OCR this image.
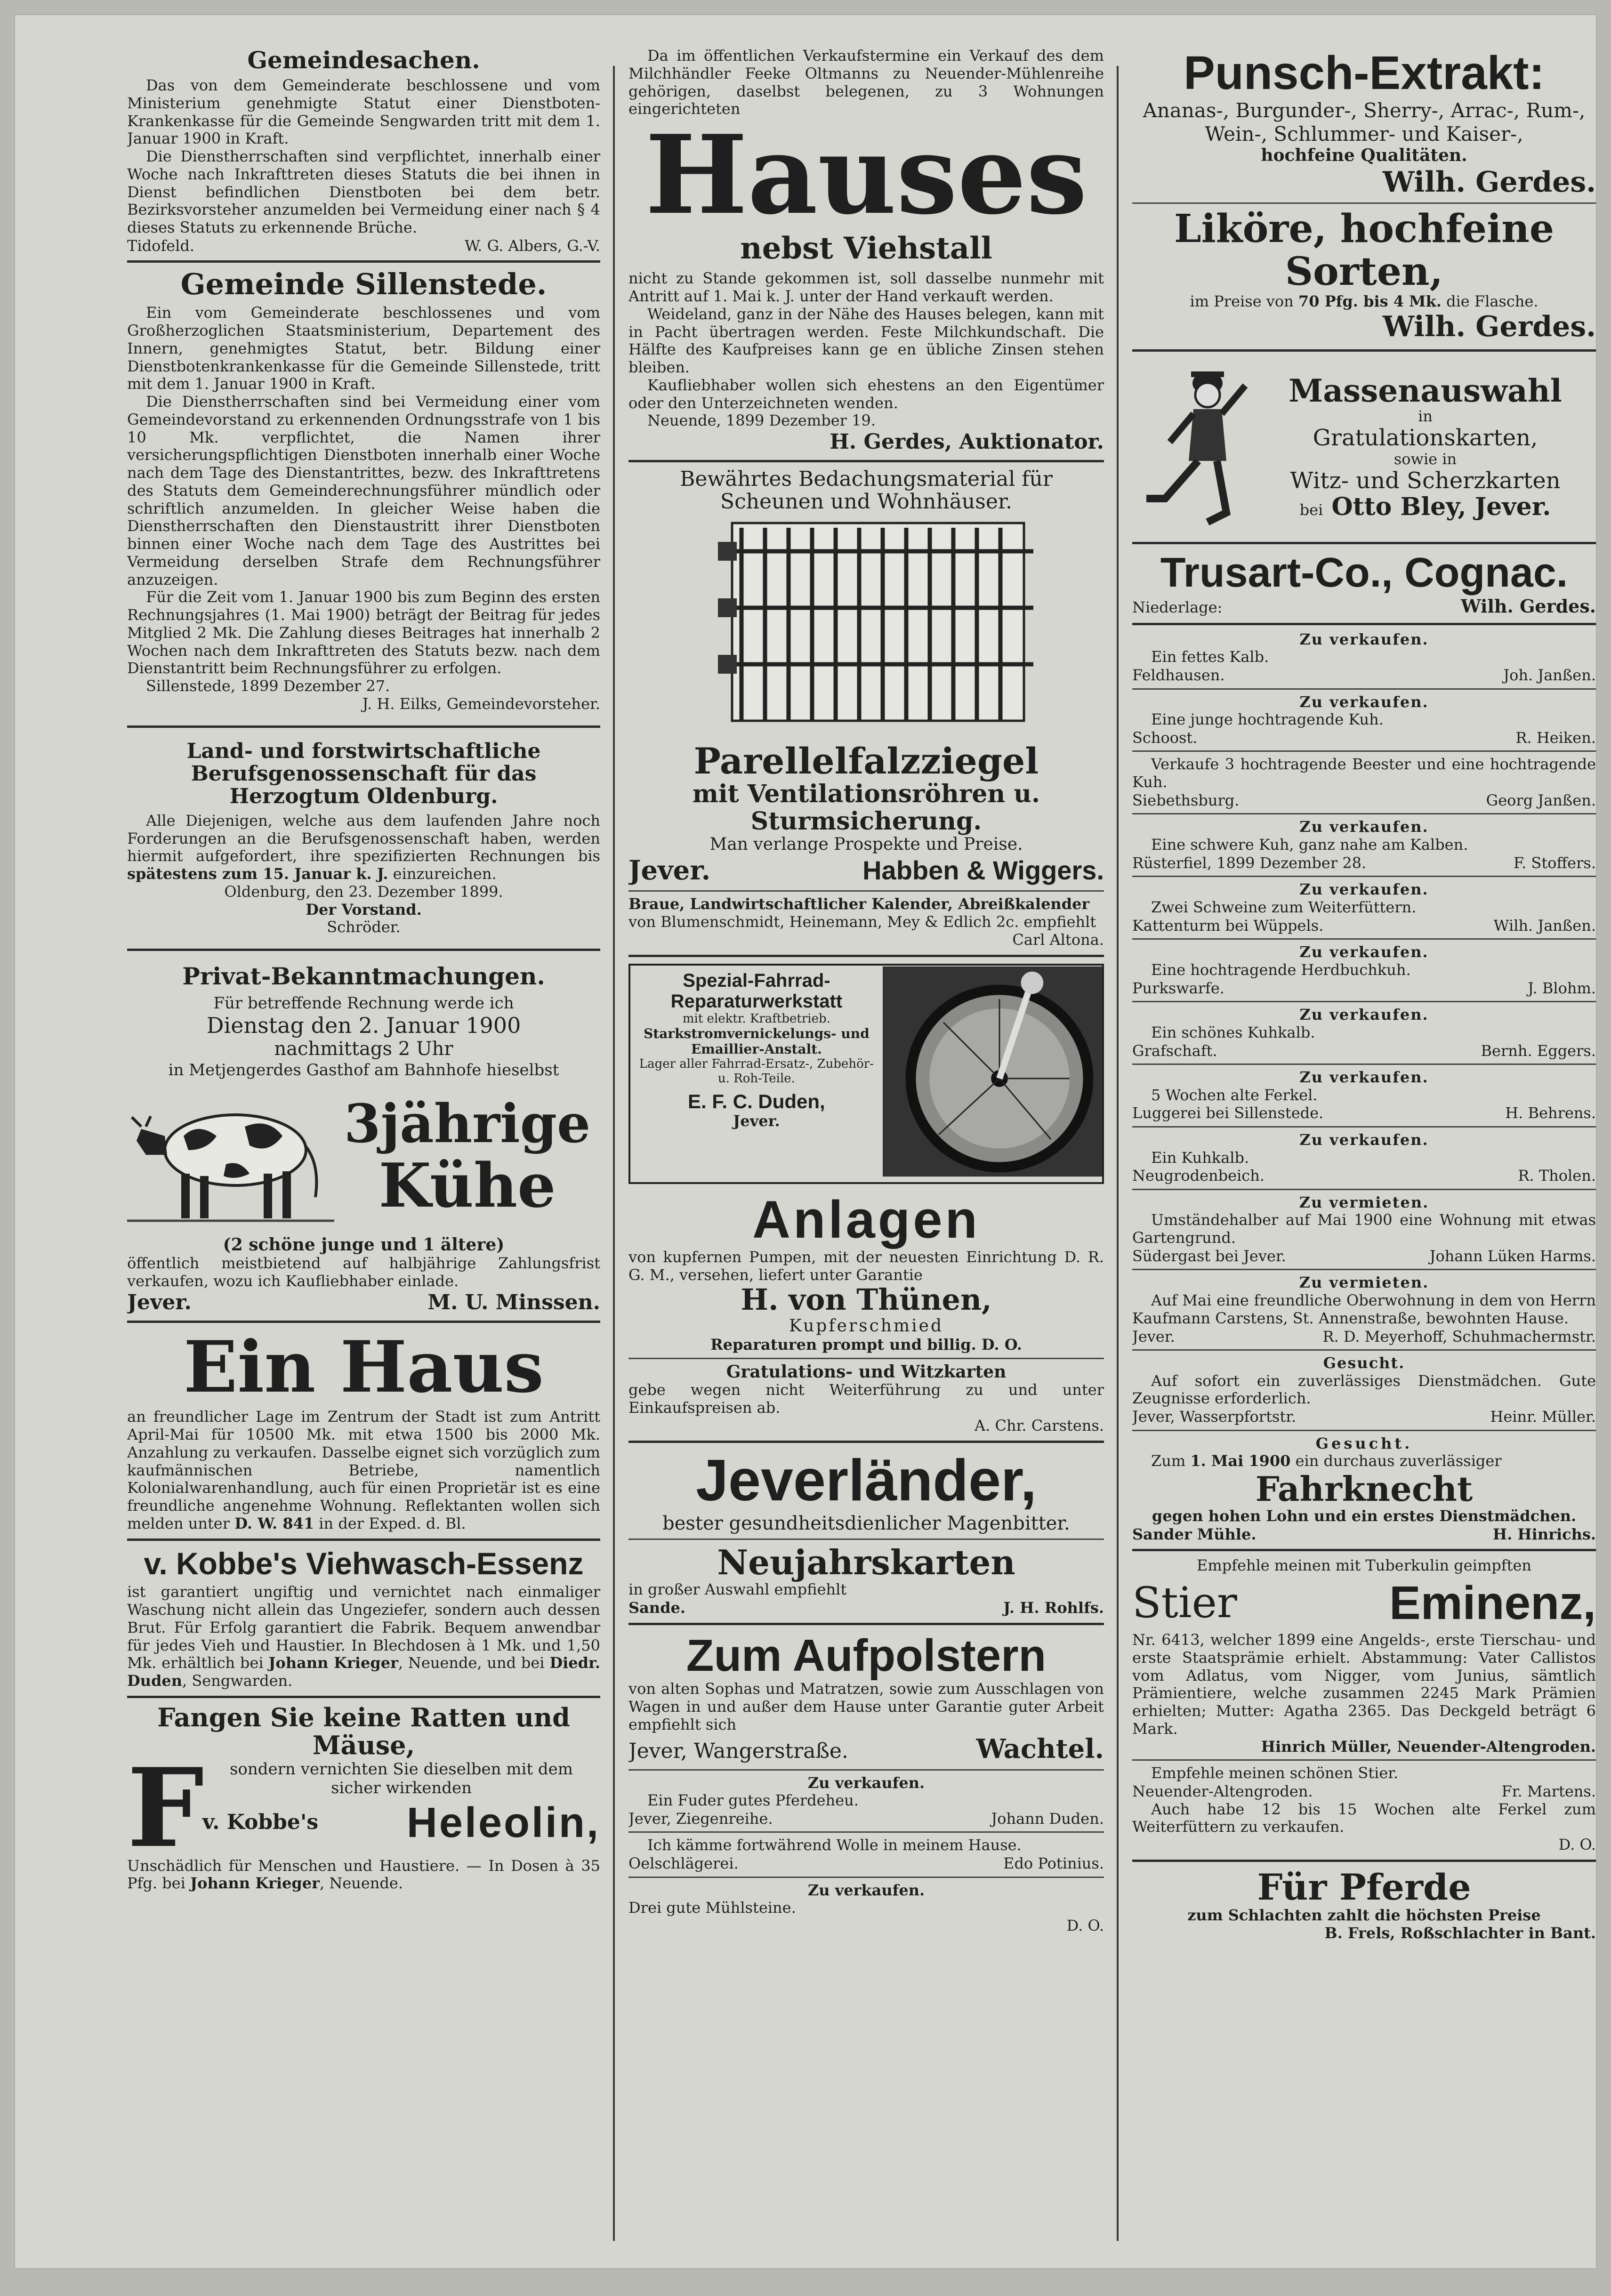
Gemeindesachen.

Das von dem Gemeinderate beschlossene und vom Ministerium genehmigte Statut einer Dienstboten-Krankenkasse für die Gemeinde Sengwarden tritt mit dem 1. Januar 1900 in Kraft.

Die Dienstherrschaften sind verpflichtet, innerhalb einer Woche nach Inkrafttreten dieses Statuts die bei ihnen in Dienst befindlichen Dienstboten bei dem betr. Bezirksvorsteher anzumelden bei Vermeidung einer nach § 4 dieses Statuts zu erkennende Brüche.

Tidofeld.	W. G. Albers, G.-V.

Gemeinde Sillenstede.

Ein vom Gemeinderate beschlossenes und vom Großherzoglichen Staatsministerium, Departement des Innern, genehmigtes Statut, betr. Bildung einer Dienstbotenkrankenkasse für die Gemeinde Sillenstede, tritt mit dem 1. Januar 1900 in Kraft.

Die Dienstherrschaften sind bei Vermeidung einer vom Gemeindevorstand zu erkennenden Ordnungsstrafe von 1 bis 10 Mk. verpflichtet, die Namen ihrer versicherungspflichtigen Dienstboten innerhalb einer Woche nach dem Tage des Dienstantrittes, bezw. des Inkrafttretens des Statuts dem Gemeinderechnungsführer mündlich oder schriftlich anzumelden. In gleicher Weise haben die Dienstherrschaften den Dienstaustritt ihrer Dienstboten binnen einer Woche nach dem Tage des Austrittes bei Vermeidung derselben Strafe dem Rechnungsführer anzuzeigen.

Für die Zeit vom 1. Januar 1900 bis zum Beginn des ersten Rechnungsjahres (1. Mai 1900) beträgt der Beitrag für jedes Mitglied 2 Mk. Die Zahlung dieses Beitrages hat innerhalb 2 Wochen nach dem Inkrafttreten des Statuts bezw. nach dem Dienstantritt beim Rechnungsführer zu erfolgen.

Sillenstede, 1899 Dezember 27.

J. H. Eilks, Gemeindevorsteher.

Land- und forstwirtschaftliche Berufsgenossenschaft für das Herzogtum Oldenburg.

Alle Diejenigen, welche aus dem laufenden Jahre noch Forderungen an die Berufsgenossenschaft haben, werden hiermit aufgefordert, ihre spezifizierten Rechnungen bis spätestens zum 15. Januar k. J. einzureichen.

Oldenburg, den 23. Dezember 1899.

Der Vorstand.

Schröder.

Privat-Bekanntmachungen.

Für betreffende Rechnung werde ich

Dienstag den 2. Januar 1900

nachmittags 2 Uhr

in Metjengerdes Gasthof am Bahnhofe hieselbst

3jährige

Kühe

(2 schöne junge und 1 ältere)

öffentlich meistbietend auf halbjährige Zahlungsfrist verkaufen, wozu ich Kaufliebhaber einlade.

Jever.	M. U. Minssen.

Ein Haus

an freundlicher Lage im Zentrum der Stadt ist zum Antritt April-Mai für 10500 Mk. mit etwa 1500 bis 2000 Mk. Anzahlung zu verkaufen. Dasselbe eignet sich vorzüglich zum kaufmännischen Betriebe, namentlich Kolonialwarenhandlung, auch für einen Proprietär ist es eine freundliche angenehme Wohnung. Reflektanten wollen sich melden unter D. W. 841 in der Exped. d. Bl.

v. Kobbe's Viehwasch-Essenz

ist garantiert ungiftig und vernichtet nach einmaliger Waschung nicht allein das Ungeziefer, sondern auch dessen Brut. Für Erfolg garantiert die Fabrik. Bequem anwendbar für jedes Vieh und Haustier. In Blechdosen à 1 Mk. und 1,50 Mk. erhältlich bei Johann Krieger, Neuende, und bei Diedr. Duden, Sengwarden.

Fangen Sie keine Ratten und Mäuse,

F	sondern vernichten Sie dieselben mit dem

sicher wirkenden

v. Kobbe's Heleolin,

Unschädlich für Menschen und Haustiere. — In Dosen à 35 Pfg. bei Johann Krieger, Neuende.

Da im öffentlichen Verkaufstermine ein Verkauf des dem Milchhändler Feeke Oltmanns zu Neuender-Mühlenreihe gehörigen, daselbst belegenen, zu 3 Wohnungen eingerichteten

Hauses

nebst Viehstall

nicht zu Stande gekommen ist, soll dasselbe nunmehr mit Antritt auf 1. Mai k. J. unter der Hand verkauft werden.

Weideland, ganz in der Nähe des Hauses belegen, kann mit in Pacht übertragen werden. Feste Milchkundschaft. Die Hälfte des Kaufpreises kann ge en übliche Zinsen stehen bleiben.

Kaufliebhaber wollen sich ehestens an den Eigentümer oder den Unterzeichneten wenden.

Neuende, 1899 Dezember 19.

H. Gerdes, Auktionator.

Bewährtes Bedachungsmaterial für Scheunen und Wohnhäuser.

Parellelfalzziegel

mit Ventilationsröhren u. Sturmsicherung.

Man verlange Prospekte und Preise.

Jever.	Habben & Wiggers.

Braue, Landwirtschaftlicher Kalender, Abreißkalender

von Blumenschmidt, Heinemann, Mey & Edlich 2c. empfiehlt

Carl Altona.

Spezial-Fahrrad-Reparaturwerkstatt

mit elektr. Kraftbetrieb.

Starkstromvernickelungs- und Emaillier-Anstalt.

Lager aller Fahrrad-Ersatz-, Zubehör- u. Roh-Teile.

E. F. C. Duden,

Jever.

Anlagen

von kupfernen Pumpen, mit der neuesten Einrichtung D. R. G. M., versehen, liefert unter Garantie

H. von Thünen,

Kupferschmied

Reparaturen prompt und billig. D. O.

Gratulations- und Witzkarten

gebe wegen nicht Weiterführung zu und unter Einkaufspreisen ab.

A. Chr. Carstens.

Jeverländer,

bester gesundheitsdienlicher Magenbitter.

Neujahrskarten

in großer Auswahl empfiehlt

Sande.	J. H. Rohlfs.

Zum Aufpolstern

von alten Sophas und Matratzen, sowie zum Ausschlagen von Wagen in und außer dem Hause unter Garantie guter Arbeit empfiehlt sich

Jever, Wangerstraße.	Wachtel.

Zu verkaufen.

Ein Fuder gutes Pferdeheu.

Jever, Ziegenreihe.	Johann Duden.

Ich kämme fortwährend Wolle in meinem Hause.

Oelschlägerei.	Edo Potinius.

Zu verkaufen.

Drei gute Mühlsteine.

D. O.

Punsch-Extrakt:

Ananas-, Burgunder-, Sherry-, Arrac-, Rum-, Wein-, Schlummer- und Kaiser-,

hochfeine Qualitäten.

Wilh. Gerdes.

Liköre, hochfeine Sorten,

im Preise von 70 Pfg. bis 4 Mk. die Flasche.

Wilh. Gerdes.

Massenauswahl

in

Gratulationskarten,

sowie in

Witz- und Scherzkarten

bei Otto Bley, Jever.

Trusart-Co., Cognac.

Niederlage:	Wilh. Gerdes.

Zu verkaufen.

Ein fettes Kalb.

Feldhausen.	Joh. Janßen.

Zu verkaufen.

Eine junge hochtragende Kuh.

Schoost.	R. Heiken.

Verkaufe 3 hochtragende Beester und eine hochtragende Kuh.

Siebethsburg.	Georg Janßen.

Zu verkaufen.

Eine schwere Kuh, ganz nahe am Kalben.

Rüsterfiel, 1899 Dezember 28.	F. Stoffers.

Zu verkaufen.

Zwei Schweine zum Weiterfüttern.

Kattenturm bei Wüppels.	Wilh. Janßen.

Zu verkaufen.

Eine hochtragende Herdbuchkuh.

Purkswarfe.	J. Blohm.

Zu verkaufen.

Ein schönes Kuhkalb.

Grafschaft.	Bernh. Eggers.

Zu verkaufen.

5 Wochen alte Ferkel.

Luggerei bei Sillenstede.	H. Behrens.

Zu verkaufen.

Ein Kuhkalb.

Neugrodenbeich.	R. Tholen.

Zu vermieten.

Umständehalber auf Mai 1900 eine Wohnung mit etwas Gartengrund.

Südergast bei Jever.	Johann Lüken Harms.

Zu vermieten.

Auf Mai eine freundliche Oberwohnung in dem von Herrn Kaufmann Carstens, St. Annenstraße, bewohnten Hause.

Jever.	R. D. Meyerhoff, Schuhmachermstr.

Gesucht.

Auf sofort ein zuverlässiges Dienstmädchen. Gute Zeugnisse erforderlich.

Jever, Wasserpfortstr.	Heinr. Müller.

Gesucht.

Zum 1. Mai 1900 ein durchaus zuverlässiger

Fahrknecht

gegen hohen Lohn und ein erstes Dienstmädchen.

Sander Mühle.	H. Hinrichs.

Empfehle meinen mit Tuberkulin geimpften

Stier	Eminenz,

Nr. 6413, welcher 1899 eine Angelds-, erste Tierschau- und erste Staatsprämie erhielt. Abstammung: Vater Callistos vom Adlatus, vom Nigger, vom Junius, sämtlich Prämientiere, welche zusammen 2245 Mark Prämien erhielten; Mutter: Agatha 2365. Das Deckgeld beträgt 6 Mark.

Hinrich Müller, Neuender-Altengroden.

Empfehle meinen schönen Stier.

Neuender-Altengroden.	Fr. Martens.

Auch habe 12 bis 15 Wochen alte Ferkel zum Weiterfüttern zu verkaufen.

D. O.

Für Pferde

zum Schlachten zahlt die höchsten Preise

B. Frels, Roßschlachter in Bant.
